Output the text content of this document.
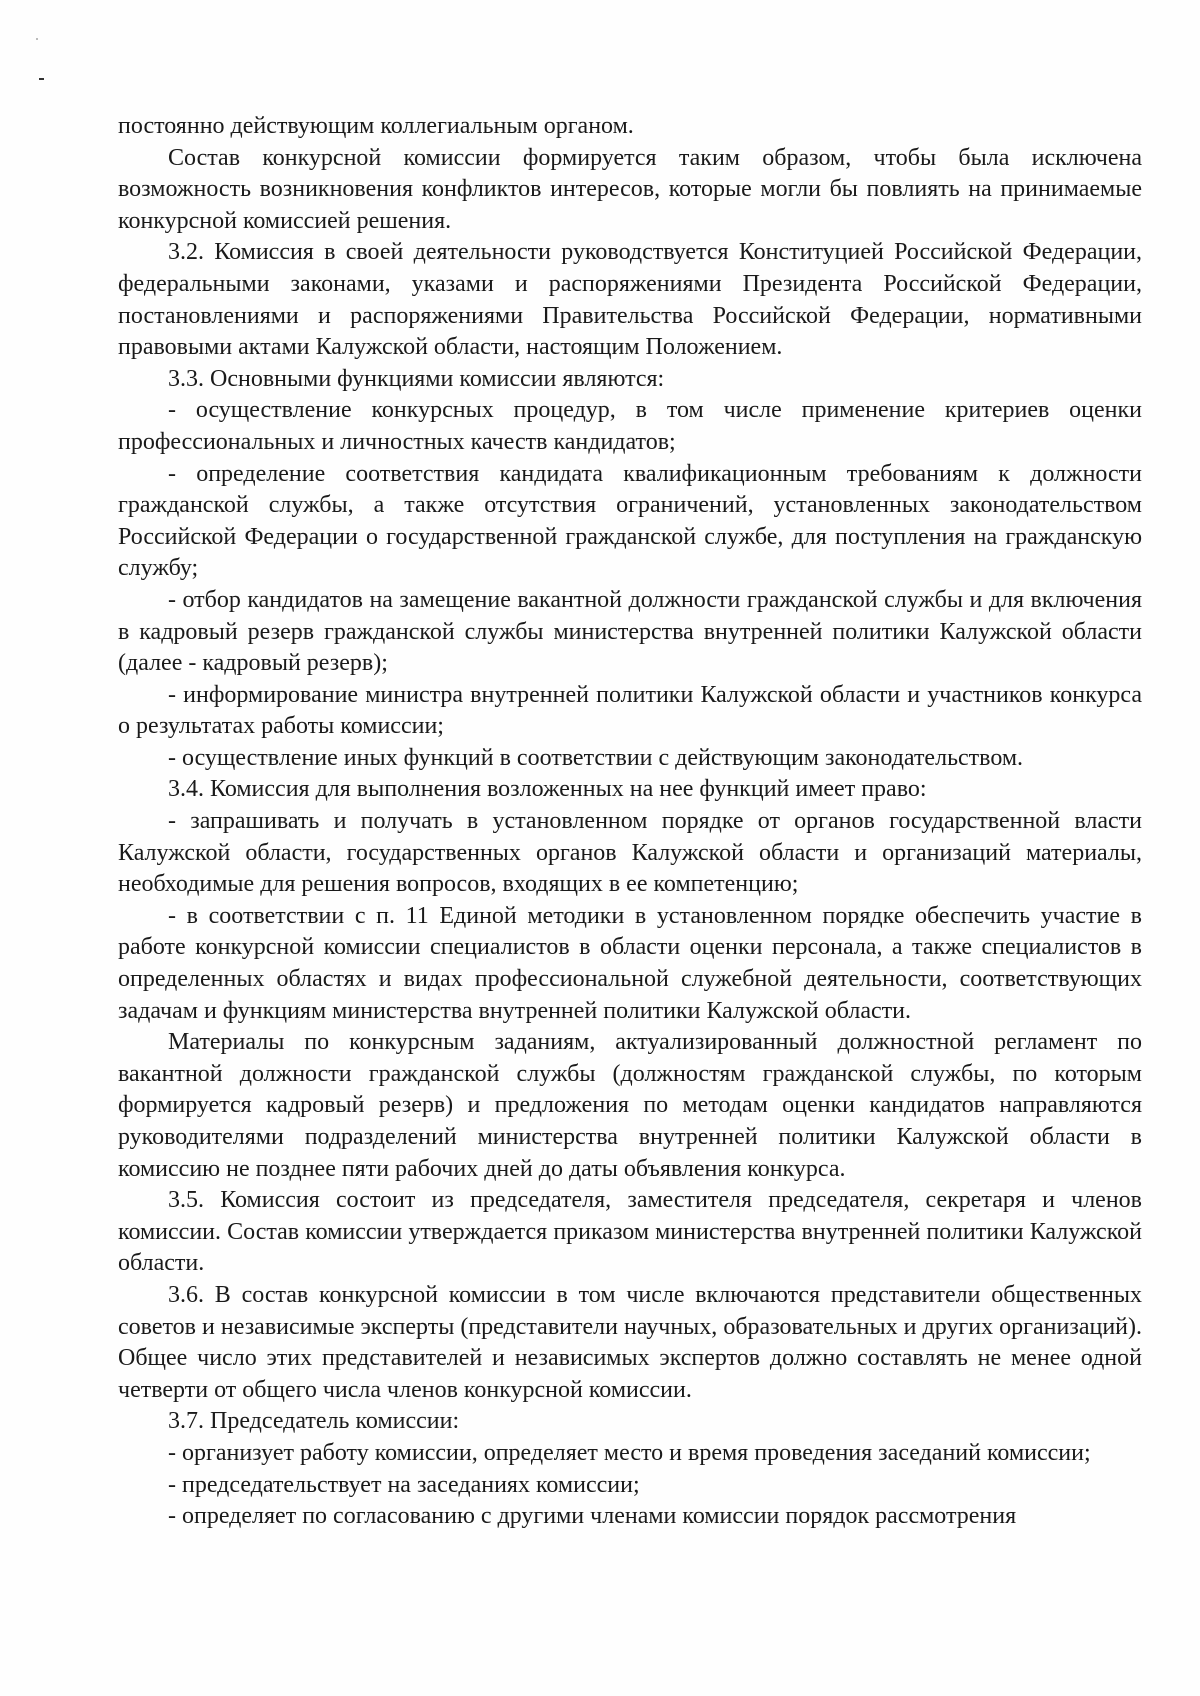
постоянно действующим коллегиальным органом.

Состав конкурсной комиссии формируется таким образом, чтобы была исключена возможность возникновения конфликтов интересов, которые могли бы повлиять на принимаемые конкурсной комиссией решения.

3.2. Комиссия в своей деятельности руководствуется Конституцией Российской Федерации, федеральными законами, указами и распоряжениями Президента Российской Федерации, постановлениями и распоряжениями Правительства Российской Федерации, нормативными правовыми актами Калужской области, настоящим Положением.

3.3. Основными функциями комиссии являются:

- осуществление конкурсных процедур, в том числе применение критериев оценки профессиональных и личностных качеств кандидатов;

- определение соответствия кандидата квалификационным требованиям к должности гражданской службы, а также отсутствия ограничений, установленных законодательством Российской Федерации о государственной гражданской службе, для поступления на гражданскую службу;

- отбор кандидатов на замещение вакантной должности гражданской службы и для включения в кадровый резерв гражданской службы министерства внутренней политики Калужской области (далее - кадровый резерв);

- информирование министра внутренней политики Калужской области и участников конкурса о результатах работы комиссии;

- осуществление иных функций в соответствии с действующим законодательством.

3.4. Комиссия для выполнения возложенных на нее функций имеет право:

- запрашивать и получать в установленном порядке от органов государственной власти Калужской области, государственных органов Калужской области и организаций материалы, необходимые для решения вопросов, входящих в ее компетенцию;

- в соответствии с п. 11 Единой методики в установленном порядке обеспечить участие в работе конкурсной комиссии специалистов в области оценки персонала, а также специалистов в определенных областях и видах профессиональной служебной деятельности, соответствующих задачам и функциям министерства внутренней политики Калужской области.

Материалы по конкурсным заданиям, актуализированный должностной регламент по вакантной должности гражданской службы (должностям гражданской службы, по которым формируется кадровый резерв) и предложения по методам оценки кандидатов направляются руководителями подразделений министерства внутренней политики Калужской области в комиссию не позднее пяти рабочих дней до даты объявления конкурса.

3.5. Комиссия состоит из председателя, заместителя председателя, секретаря и членов комиссии. Состав комиссии утверждается приказом министерства внутренней политики Калужской области.

3.6. В состав конкурсной комиссии в том числе включаются представители общественных советов и независимые эксперты (представители научных, образовательных и других организаций). Общее число этих представителей и независимых экспертов должно составлять не менее одной четверти от общего числа членов конкурсной комиссии.

3.7. Председатель комиссии:

- организует работу комиссии, определяет место и время проведения заседаний комиссии;

- председательствует на заседаниях комиссии;

- определяет по согласованию с другими членами комиссии порядок рассмотрения
